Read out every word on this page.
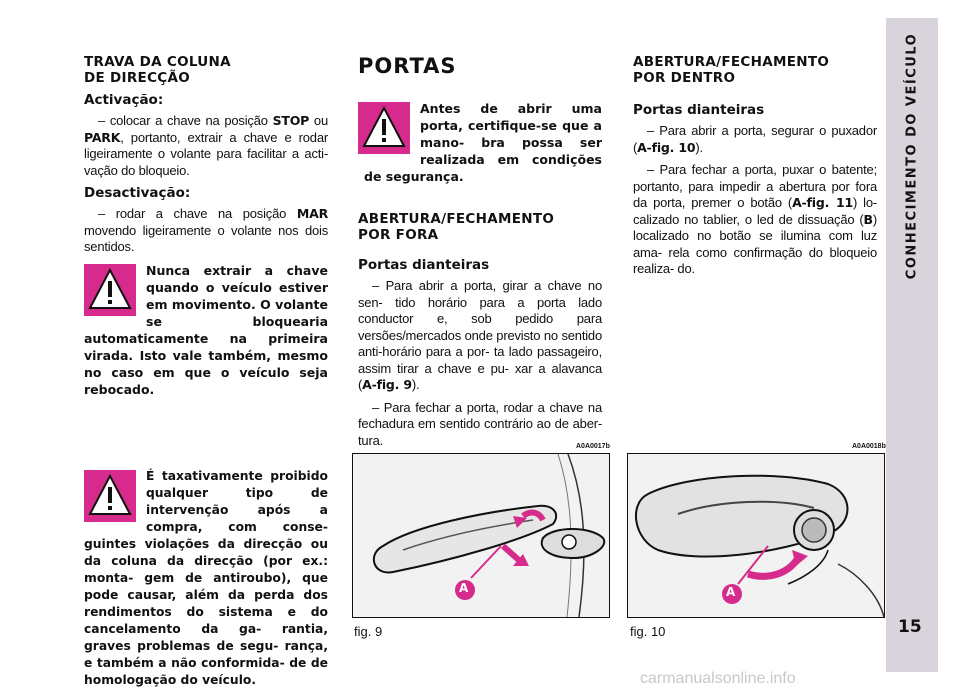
CONHECIMENTO DO VEÍCULO
15

TRAVA DA COLUNA DE DIRECÇÃO

Activação:

– colocar a chave na posição STOP ou PARK, portanto, extrair a chave e rodar ligeiramente o volante para facilitar a acti- vação do bloqueio.

Desactivação:

– rodar a chave na posição MAR movendo ligeiramente o volante nos dois sentidos.

Nunca extrair a chave quando o veículo estiver em movimento. O volante se bloquearia automaticamente na primeira virada. Isto vale também, mesmo no caso em que o veículo seja rebocado.

É taxativamente proibido qualquer tipo de intervenção após a compra, com conse- guintes violações da direcção ou da coluna da direcção (por ex.: monta- gem de antiroubo), que pode causar, além da perda dos rendimentos do sistema e do cancelamento da ga- rantia, graves problemas de segu- rança, e também a não conformida- de de homologação do veículo.

PORTAS

Antes de abrir uma porta, certifique-se que a mano- bra possa ser realizada em condições de segurança.

ABERTURA/FECHAMENTO POR FORA

Portas dianteiras

– Para abrir a porta, girar a chave no sen- tido horário para a porta lado conductor e, sob pedido para versões/mercados onde previsto no sentido anti-horário para a por- ta lado passageiro, assim tirar a chave e pu- xar a alavanca (A-fig. 9).

– Para fechar a porta, rodar a chave na fechadura em sentido contrário ao de aber- tura.

ABERTURA/FECHAMENTO POR DENTRO

Portas dianteiras

– Para abrir a porta, segurar o puxador (A-fig. 10).

– Para fechar a porta, puxar o batente; portanto, para impedir a abertura por fora da porta, premer o botão (A-fig. 11) lo- calizado no tablier, o led de dissuação (B) localizado no botão se ilumina com luz ama- rela como confirmação do bloqueio realiza- do.

A0A0017b	A0A0018b
A	A
fig. 9	fig. 10
carmanualsonline.info
